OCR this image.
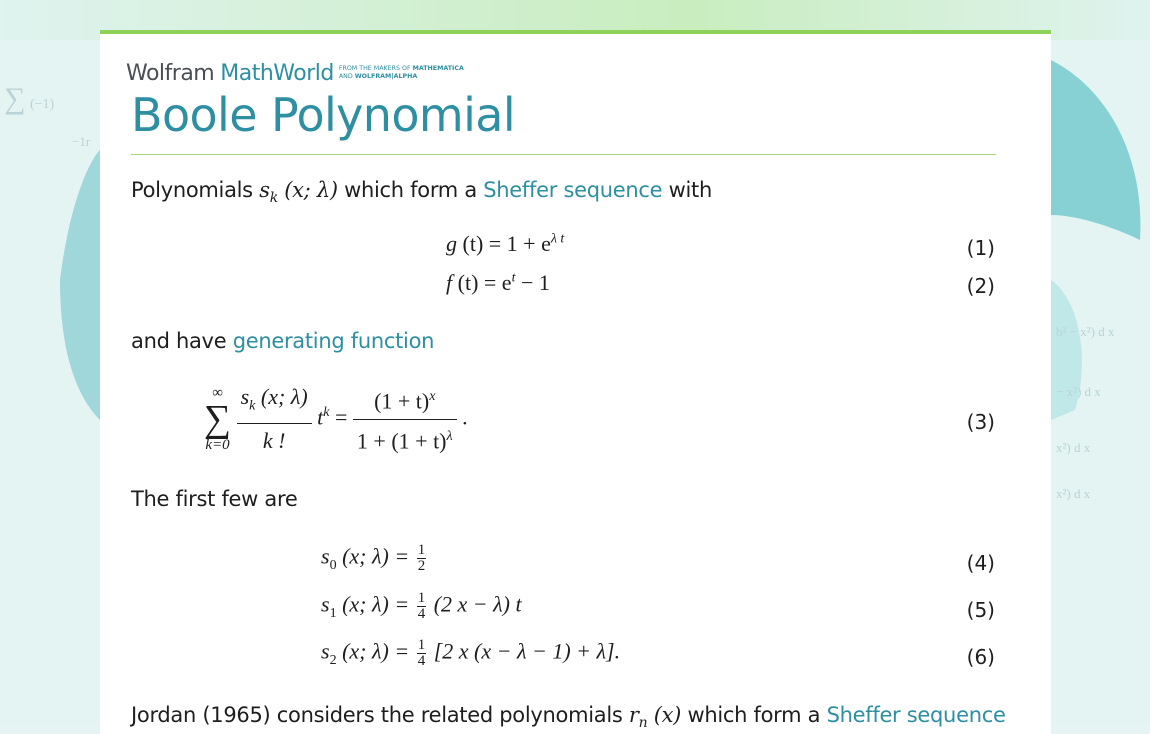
∑ (−1)
−1r
b² − x²) d x
− x²) d x
x²) d x
x²) d x
Wolfram MathWorld FROM THE MAKERS OF MATHEMATICA
AND WOLFRAM|ALPHA
Boole Polynomial
Polynomials $s_k$ (x; λ) which form a Sheffer sequence with
g $(t) = 1 + e^{\lambda t}$	(1)
f $(t) = e^t - 1$	(2)
and have generating function
∞
∑
k=0
$\frac{s_k (x; \lambda)}{k !} t^k = \frac{(1 + t)^x}{1 + (1 + t)^\lambda}$ .	(3)
The first few are
$s_0$ (x; $\lambda) = \frac{1}{2}$	(4)
$s_1$ (x; $\lambda) = \frac{1}{4} (2$ x − λ) t	(5)
$s_2$ (x; $\lambda) = \frac{1}{4} [2$ x (x − λ − 1) + λ].	(6)
Jordan (1965) considers the related polynomials $r_n$ (x) which form a Sheffer sequence
